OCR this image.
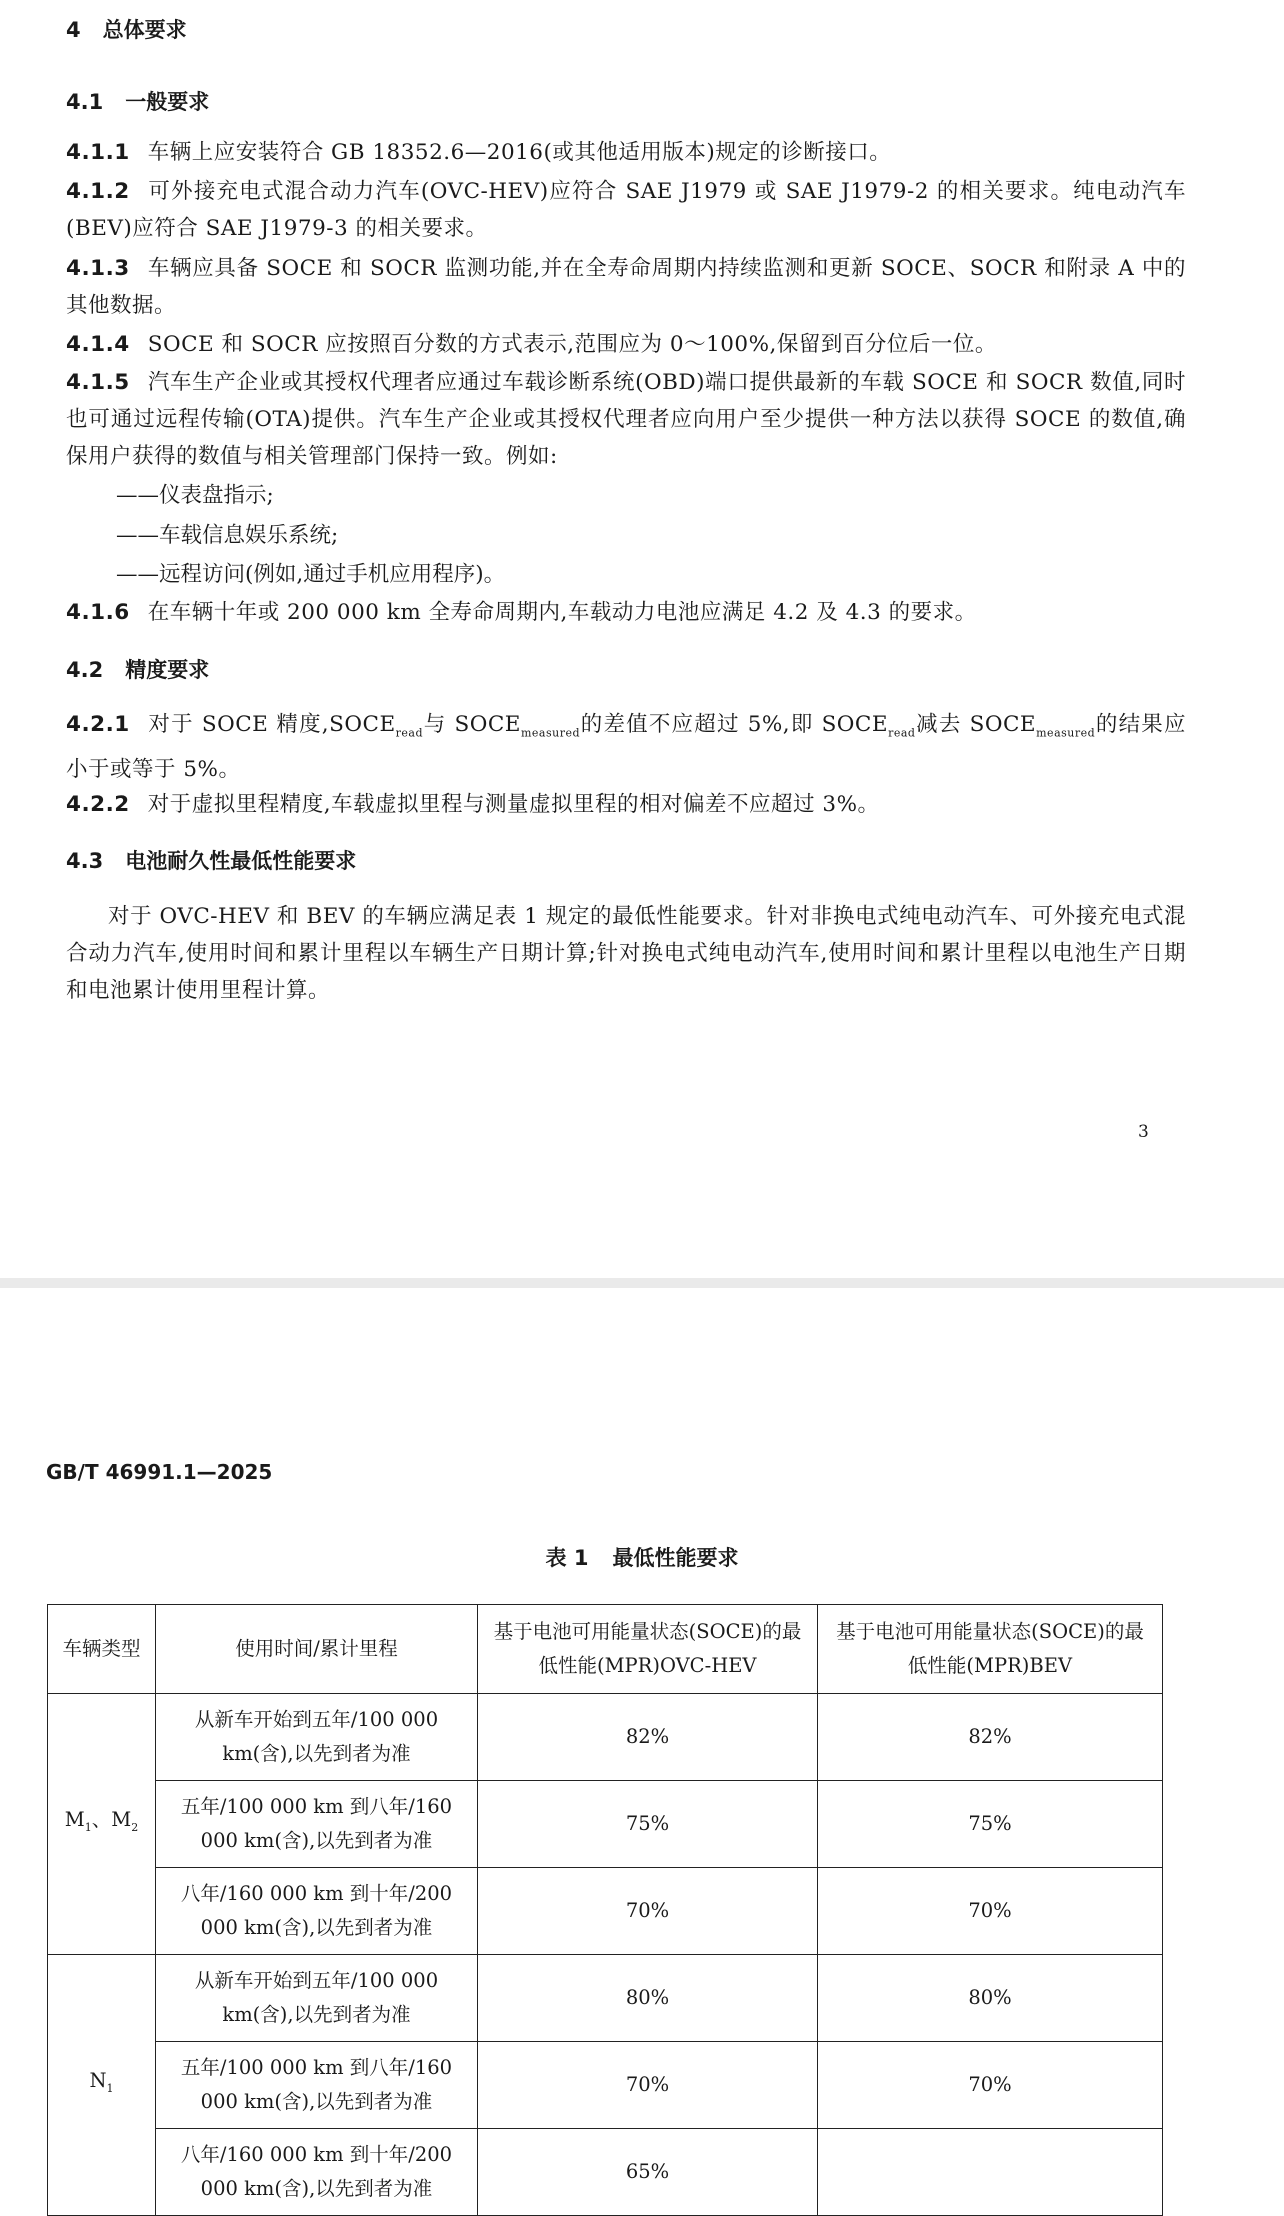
4 总体要求
4.1 一般要求
4.1.1 车辆上应安装符合 GB 18352.6—2016(或其他适用版本)规定的诊断接口。
4.1.2 可外接充电式混合动力汽车(OVC-HEV)应符合 SAE J1979 或 SAE J1979-2 的相关要求。纯电动汽车(BEV)应符合 SAE J1979-3 的相关要求。
4.1.3 车辆应具备 SOCE 和 SOCR 监测功能,并在全寿命周期内持续监测和更新 SOCE、SOCR 和附录 A 中的其他数据。
4.1.4 SOCE 和 SOCR 应按照百分数的方式表示,范围应为 0～100%,保留到百分位后一位。
4.1.5 汽车生产企业或其授权代理者应通过车载诊断系统(OBD)端口提供最新的车载 SOCE 和 SOCR 数值,同时也可通过远程传输(OTA)提供。汽车生产企业或其授权代理者应向用户至少提供一种方法以获得 SOCE 的数值,确保用户获得的数值与相关管理部门保持一致。例如:
——仪表盘指示;
——车载信息娱乐系统;
——远程访问(例如,通过手机应用程序)。
4.1.6 在车辆十年或 200 000 km 全寿命周期内,车载动力电池应满足 4.2 及 4.3 的要求。
4.2 精度要求
4.2.1 对于 SOCE 精度$,SOCE_{read}$与 $SOCE_{measured}$的差值不应超过 5%,即 $SOCE_{read}$减去 $SOCE_{measured}$的结果应小于或等于 5%。
4.2.2 对于虚拟里程精度,车载虚拟里程与测量虚拟里程的相对偏差不应超过 3%。
4.3 电池耐久性最低性能要求
对于 OVC-HEV 和 BEV 的车辆应满足表 1 规定的最低性能要求。针对非换电式纯电动汽车、可外接充电式混合动力汽车,使用时间和累计里程以车辆生产日期计算;针对换电式纯电动汽车,使用时间和累计里程以电池生产日期和电池累计使用里程计算。
3
GB/T 46991.1—2025
表 1 最低性能要求
车辆类型	使用时间/累计里程	基于电池可用能量状态(SOCE)的最低性能(MPR)OVC-HEV	基于电池可用能量状态(SOCE)的最低性能(MPR)BEV
$M_1$、$M_2$	从新车开始到五年/100 000 km(含),以先到者为准	82%	82%
	五年/100 000 km 到八年/160 000 km(含),以先到者为准	75%	75%
	八年/160 000 km 到十年/200 000 km(含),以先到者为准	70%	70%
$N_1$	从新车开始到五年/100 000 km(含),以先到者为准	80%	80%
	五年/100 000 km 到八年/160 000 km(含),以先到者为准	70%	70%
	八年/160 000 km 到十年/200 000 km(含),以先到者为准	65%	
